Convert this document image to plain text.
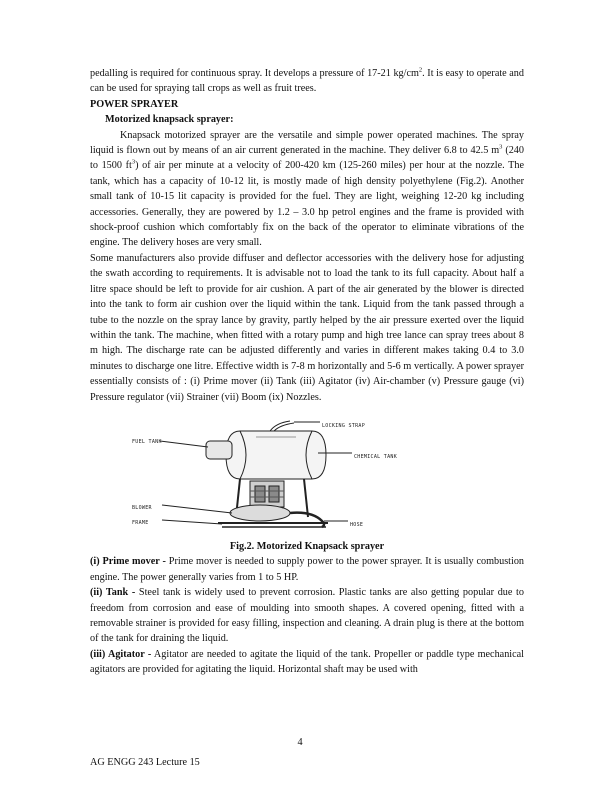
pedalling is required for continuous spray. It develops a pressure of 17-21 $kg/cm^2$. It is easy to operate and can be used for spraying tall crops as well as fruit trees.

POWER SPRAYER

Motorized knapsack sprayer:

Knapsack motorized sprayer are the versatile and simple power operated machines. The spray liquid is flown out by means of an air current generated in the machine. They deliver 6.8 to 42.5 $m^3$ (240 to 1500 $ft^3$) of air per minute at a velocity of 200-420 km (125-260 miles) per hour at the nozzle. The tank, which has a capacity of 10-12 lit, is mostly made of high density polyethylene (Fig.2). Another small tank of 10-15 lit capacity is provided for the fuel. They are light, weighing 12-20 kg including accessories. Generally, they are powered by 1.2 – 3.0 hp petrol engines and the frame is provided with shock-proof cushion which comfortably fix on the back of the operator to eliminate vibrations of the engine. The delivery hoses are very small.

Some manufacturers also provide diffuser and deflector accessories with the delivery hose for adjusting the swath according to requirements. It is advisable not to load the tank to its full capacity. About half a litre space should be left to provide for air cushion. A part of the air generated by the blower is directed into the tank to form air cushion over the liquid within the tank. Liquid from the tank passed through a tube to the nozzle on the spray lance by gravity, partly helped by the air pressure exerted over the liquid within the tank. The machine, when fitted with a rotary pump and high tree lance can spray trees about 8 m high. The discharge rate can be adjusted differently and varies in different makes taking 0.4 to 3.0 minutes to discharge one litre. Effective width is 7-8 m horizontally and 5-6 m vertically. A power sprayer essentially consists of : (i) Prime mover (ii) Tank (iii) Agitator (iv) Air-chamber (v) Pressure gauge (vi) Pressure regulator (vii) Strainer (vii) Boom (ix) Nozzles.

LOCKING STRAP
FUEL TANK
CHEMICAL TANK
BLOWER
FRAME	HOSE

Fig.2. Motorized Knapsack sprayer

(i) Prime mover - Prime mover is needed to supply power to the power sprayer. It is usually combustion engine. The power generally varies from 1 to 5 HP.

(ii) Tank - Steel tank is widely used to prevent corrosion. Plastic tanks are also getting popular due to freedom from corrosion and ease of moulding into smooth shapes. A covered opening, fitted with a removable strainer is provided for easy filling, inspection and cleaning. A drain plug is there at the bottom of the tank for draining the liquid.

(iii) Agitator - Agitator are needed to agitate the liquid of the tank. Propeller or paddle type mechanical agitators are provided for agitating the liquid. Horizontal shaft may be used with

4
AG ENGG 243 Lecture 15
